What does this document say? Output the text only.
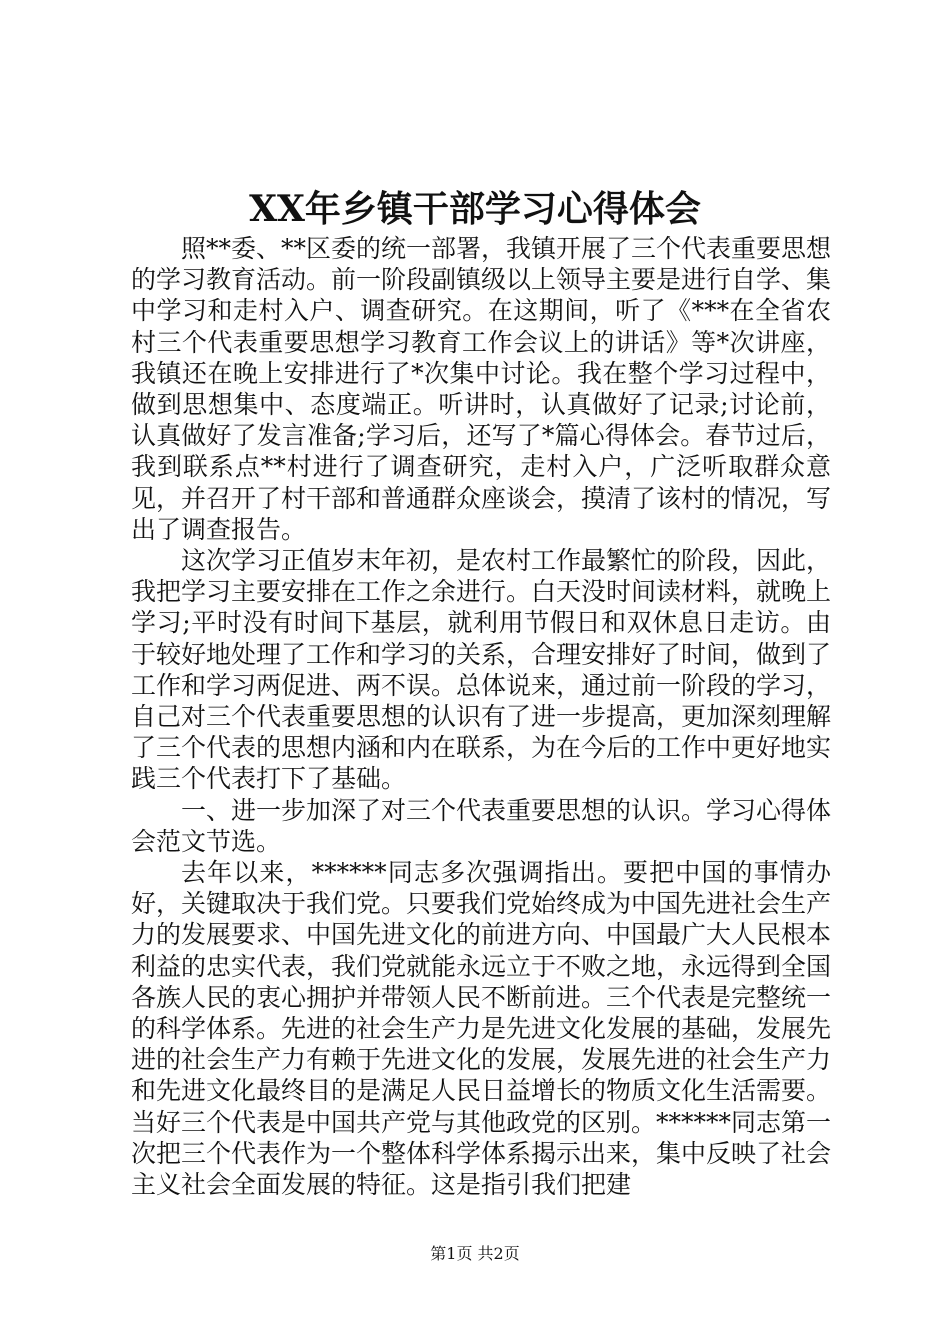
XX年乡镇干部学习心得体会

照**委、**区委的统一部署，我镇开展了三个代表重要思想的学习教育活动。前一阶段副镇级以上领导主要是进行自学、集中学习和走村入户、调查研究。在这期间，听了《***在全省农村三个代表重要思想学习教育工作会议上的讲话》等*次讲座，我镇还在晚上安排进行了*次集中讨论。我在整个学习过程中，做到思想集中、态度端正。听讲时，认真做好了记录;讨论前，认真做好了发言准备;学习后，还写了*篇心得体会。春节过后，我到联系点**村进行了调查研究，走村入户，广泛听取群众意见，并召开了村干部和普通群众座谈会，摸清了该村的情况，写出了调查报告。

这次学习正值岁末年初，是农村工作最繁忙的阶段，因此，我把学习主要安排在工作之余进行。白天没时间读材料，就晚上学习;平时没有时间下基层，就利用节假日和双休息日走访。由于较好地处理了工作和学习的关系，合理安排好了时间，做到了工作和学习两促进、两不误。总体说来，通过前一阶段的学习，自己对三个代表重要思想的认识有了进一步提高，更加深刻理解了三个代表的思想内涵和内在联系，为在今后的工作中更好地实践三个代表打下了基础。

一、进一步加深了对三个代表重要思想的认识。学习心得体会范文节选。

去年以来，******同志多次强调指出。要把中国的事情办好，关键取决于我们党。只要我们党始终成为中国先进社会生产力的发展要求、中国先进文化的前进方向、中国最广大人民根本利益的忠实代表，我们党就能永远立于不败之地，永远得到全国各族人民的衷心拥护并带领人民不断前进。三个代表是完整统一的科学体系。先进的社会生产力是先进文化发展的基础，发展先进的社会生产力有赖于先进文化的发展，发展先进的社会生产力和先进文化最终目的是满足人民日益增长的物质文化生活需要。当好三个代表是中国共产党与其他政党的区别。******同志第一次把三个代表作为一个整体科学体系揭示出来，集中反映了社会主义社会全面发展的特征。这是指引我们把建

第1页 共2页
